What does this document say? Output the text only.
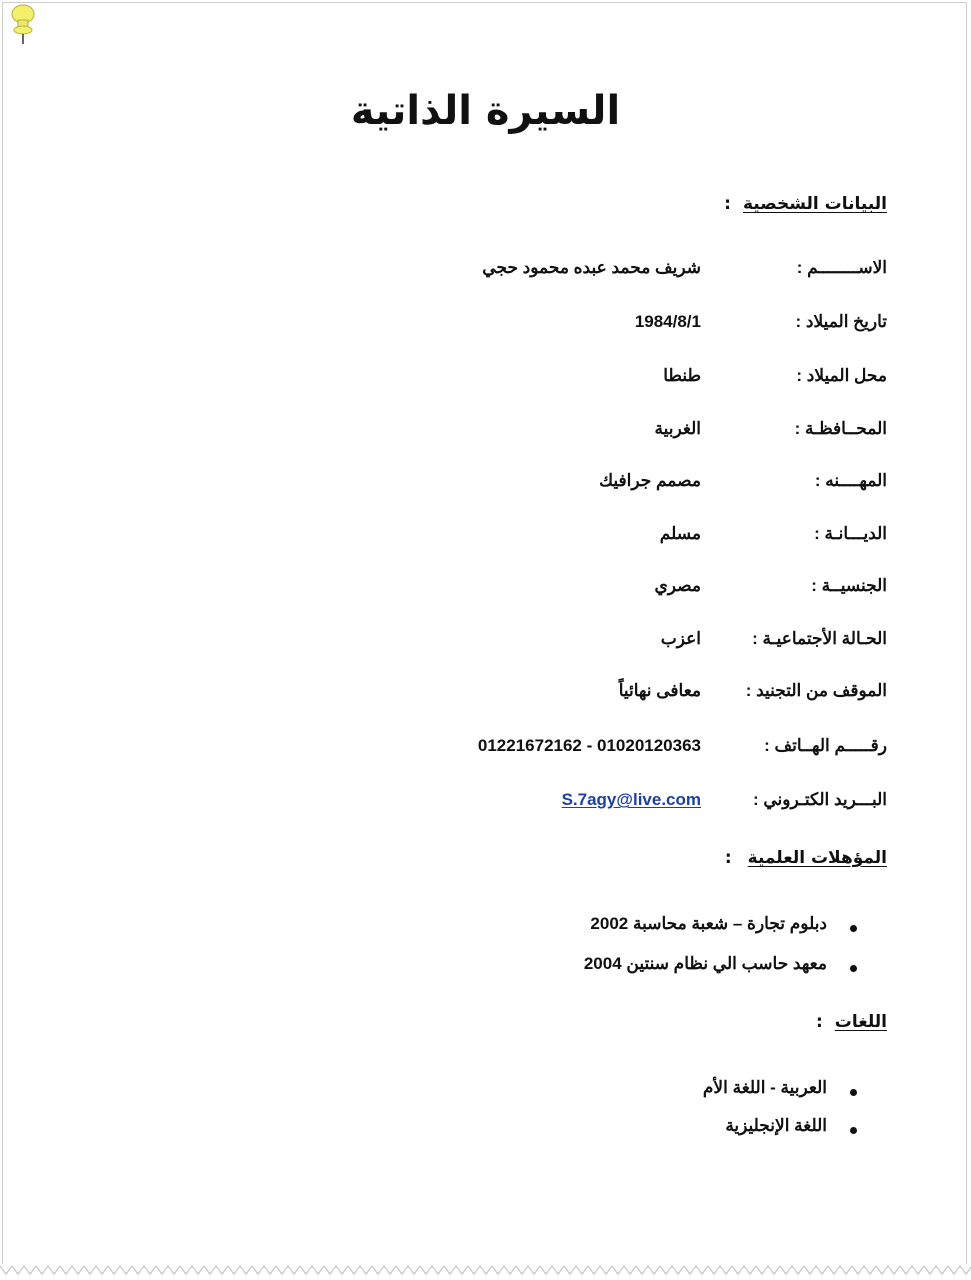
السيرة الذاتية
البيانات الشخصية:
الاســــــــم :
شريف محمد عبده محمود حجي
تاريخ الميلاد :
1984/8/1
محل الميلاد :
طنطا
المحــافظـة :
الغربية
المهــــنه :
مصمم جرافيك
الديـــانـة :
مسلم
الجنسيــة :
مصري
الحـالة الأجتماعيـة :
اعزب
الموقف من التجنيد :
معافى نهائياً
رقـــــم الهــاتف :
01221672162 - 01020120363
البـــريد الكتـروني :
S.7agy@live.com
المؤهلات العلمية:
دبلوم تجارة – شعبة محاسبة 2002
معهد حاسب الي نظام سنتين 2004
اللغات:
العربية - اللغة الأم
اللغة الإنجليزية
